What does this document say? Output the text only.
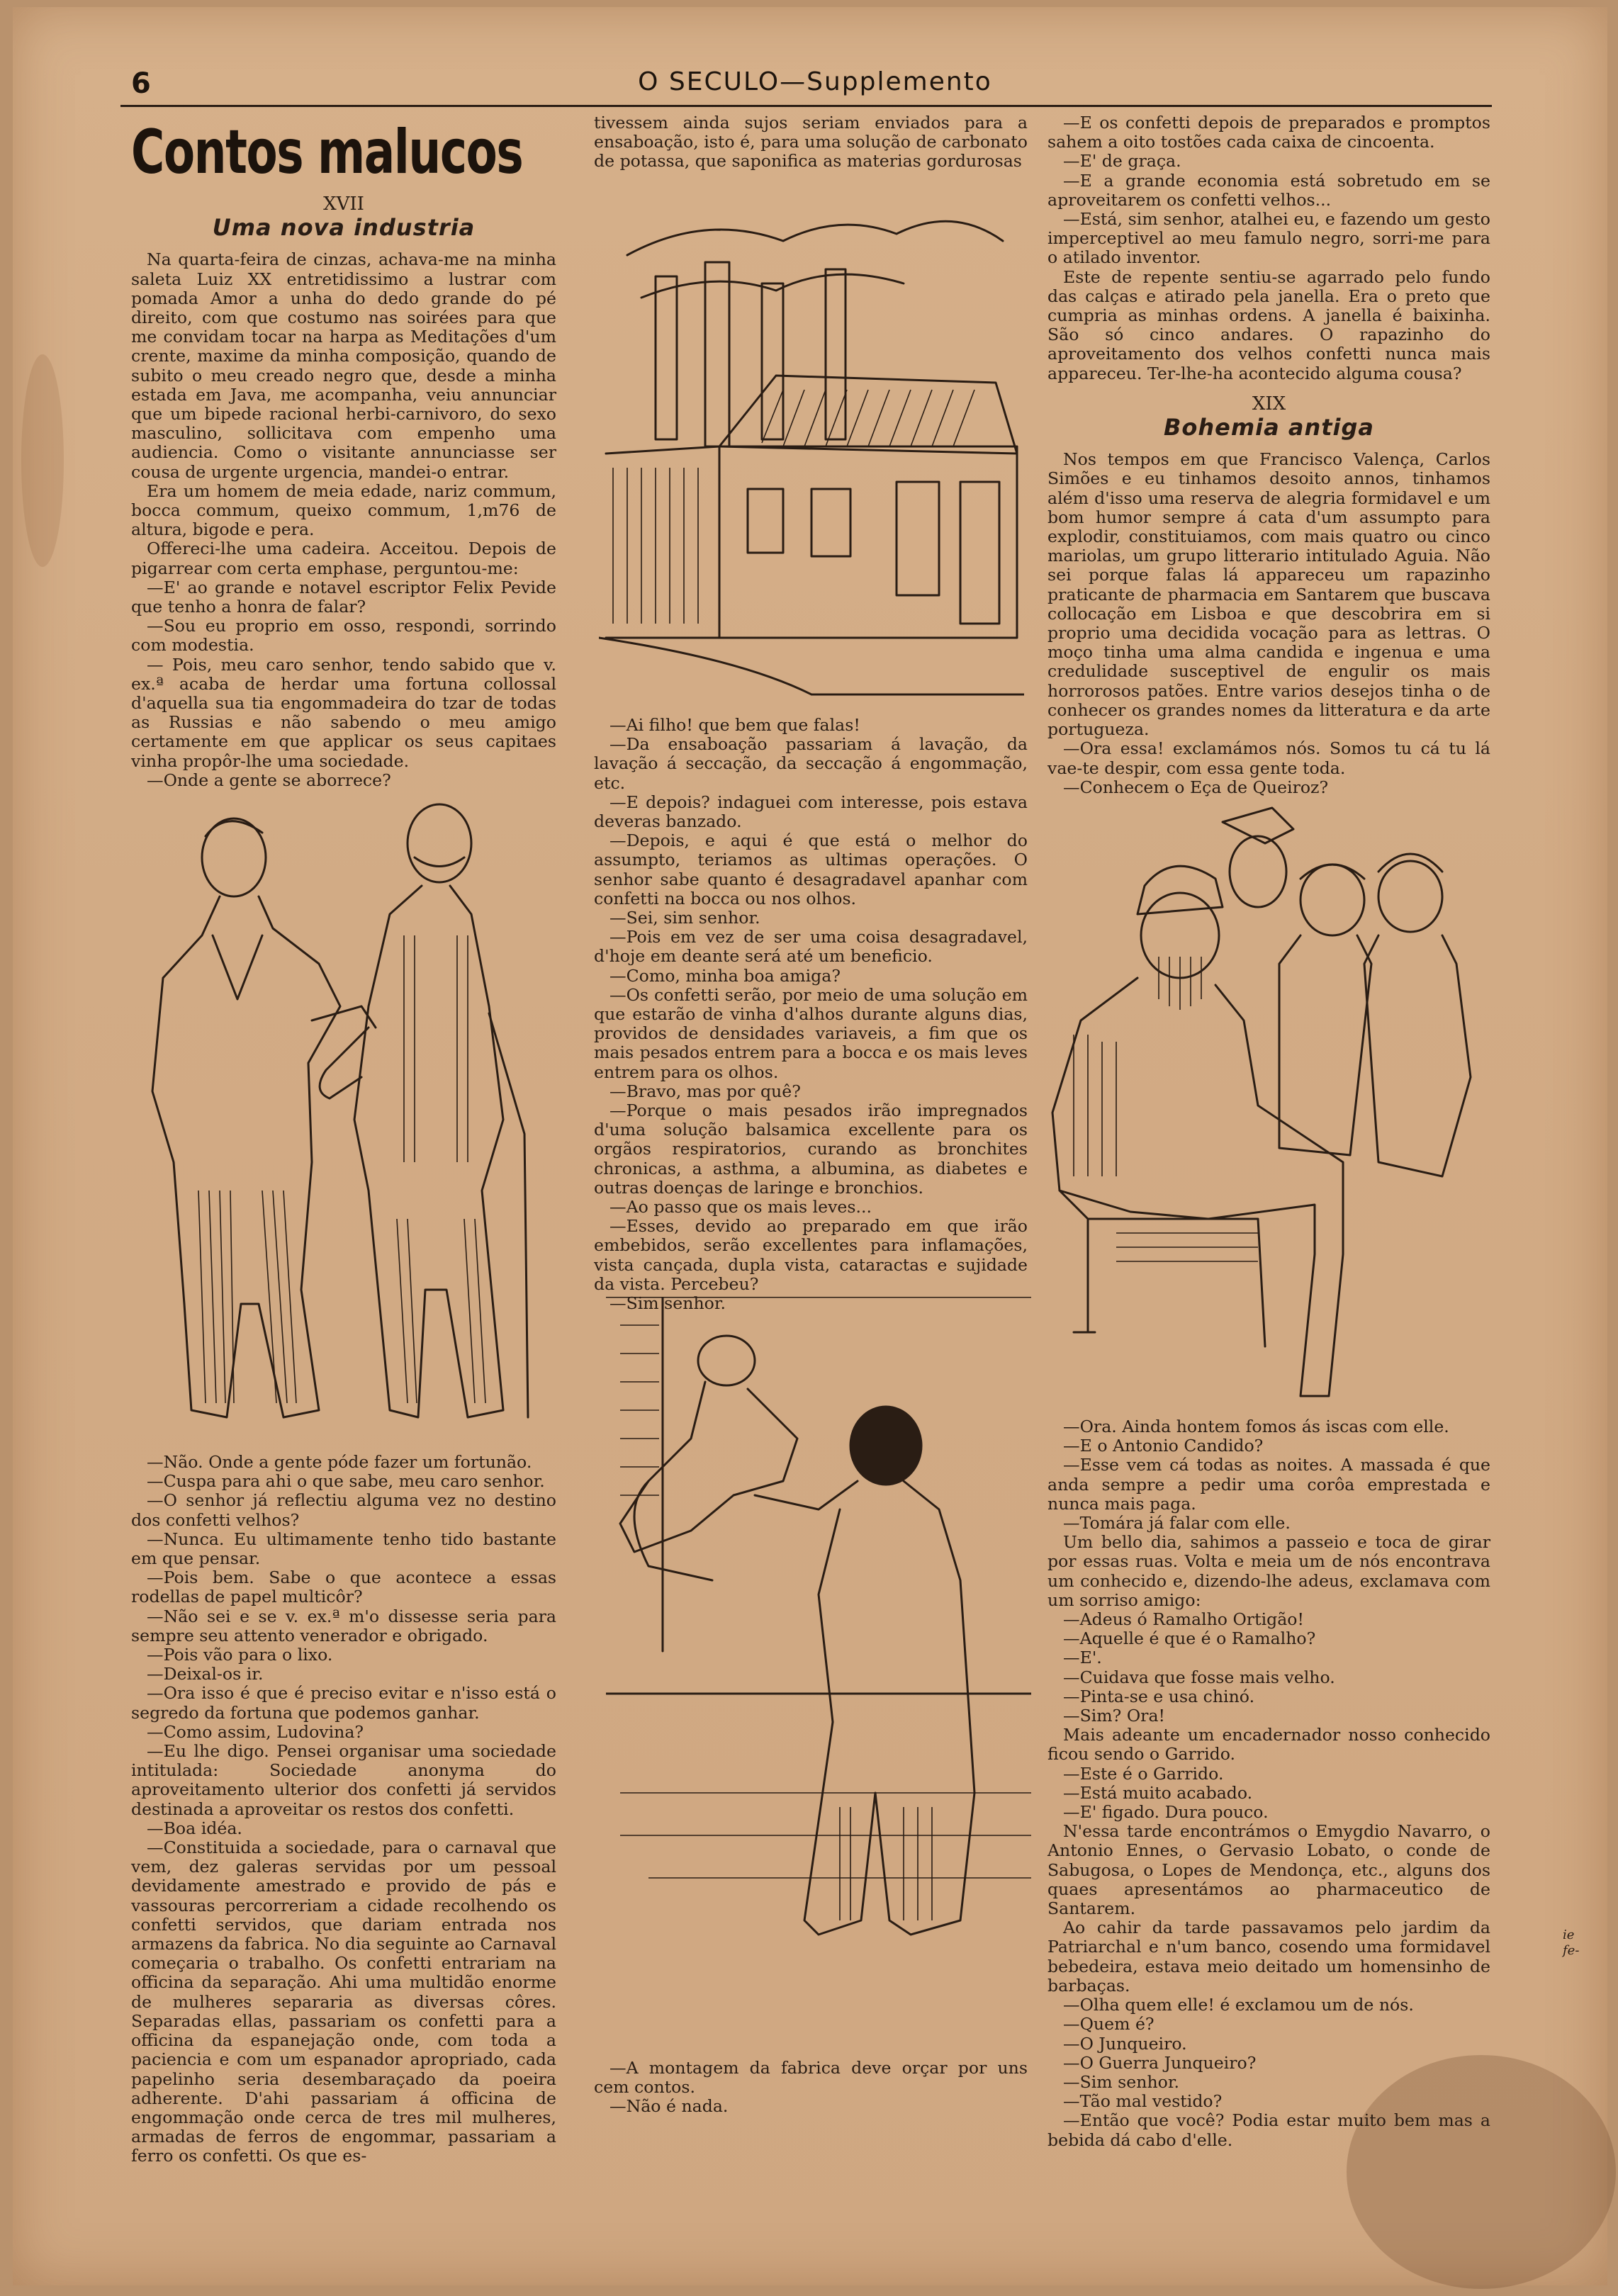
6	O SECULO—Supplemento
Contos malucos
XVII
Uma nova industria

Na quarta-feira de cinzas, achava-me na minha saleta Luiz XX entretidissimo a lustrar com pomada Amor a unha do dedo grande do pé direito, com que costumo nas soirées para que me convidam tocar na harpa as Meditações d'um crente, maxime da minha composição, quando de subito o meu creado negro que, desde a minha estada em Java, me acompanha, veiu annunciar que um bipede racional herbi-carnivoro, do sexo masculino, sollicitava com empenho uma audiencia. Como o visitante annunciasse ser cousa de urgente urgencia, mandei-o entrar.

Era um homem de meia edade, nariz commum, bocca commum, queixo commum, 1,m76 de altura, bigode e pera.

Offereci-lhe uma cadeira. Acceitou. Depois de pigarrear com certa emphase, perguntou-me:

—E' ao grande e notavel escriptor Felix Pevide que tenho a honra de falar?

—Sou eu proprio em osso, respondi, sorrindo com modestia.

— Pois, meu caro senhor, tendo sabido que v. ex.ª acaba de herdar uma fortuna collossal d'aquella sua tia engommadeira do tzar de todas as Russias e não sabendo o meu amigo certamente em que applicar os seus capitaes vinha propôr-lhe uma sociedade.

—Onde a gente se aborrece?

—Não. Onde a gente póde fazer um fortunão.

—Cuspa para ahi o que sabe, meu caro senhor.

—O senhor já reflectiu alguma vez no destino dos confetti velhos?

—Nunca. Eu ultimamente tenho tido bastante em que pensar.

—Pois bem. Sabe o que acontece a essas rodellas de papel multicôr?

—Não sei e se v. ex.ª m'o dissesse seria para sempre seu attento venerador e obrigado.

—Pois vão para o lixo.

—Deixal-os ir.

—Ora isso é que é preciso evitar e n'isso está o segredo da fortuna que podemos ganhar.

—Como assim, Ludovina?

—Eu lhe digo. Pensei organisar uma sociedade intitulada: Sociedade anonyma do aproveitamento ulterior dos confetti já servidos destinada a aproveitar os restos dos confetti.

—Boa idéa.

—Constituida a sociedade, para o carnaval que vem, dez galeras servidas por um pessoal devidamente amestrado e provido de pás e vassouras percorreriam a cidade recolhendo os confetti servidos, que dariam entrada nos armazens da fabrica. No dia seguinte ao Carnaval começaria o trabalho. Os confetti entrariam na officina da separação. Ahi uma multidão enorme de mulheres separaria as diversas côres. Separadas ellas, passariam os confetti para a officina da espanejação onde, com toda a paciencia e com um espanador apropriado, cada papelinho seria desembaraçado da poeira adherente. D'ahi passariam á officina de engommação onde cerca de tres mil mulheres, armadas de ferros de engommar, passariam a ferro os confetti. Os que es-

tivessem ainda sujos seriam enviados para a ensaboação, isto é, para uma solução de carbonato de potassa, que saponifica as materias gordurosas

—Ai filho! que bem que falas!

—Da ensaboação passariam á lavação, da lavação á seccação, da seccação á engommação, etc.

—E depois? indaguei com interesse, pois estava deveras banzado.

—Depois, e aqui é que está o melhor do assumpto, teriamos as ultimas operações. O senhor sabe quanto é desagradavel apanhar com confetti na bocca ou nos olhos.

—Sei, sim senhor.

—Pois em vez de ser uma coisa desagradavel, d'hoje em deante será até um beneficio.

—Como, minha boa amiga?

—Os confetti serão, por meio de uma solução em que estarão de vinha d'alhos durante alguns dias, providos de densidades variaveis, a fim que os mais pesados entrem para a bocca e os mais leves entrem para os olhos.

—Bravo, mas por quê?

—Porque o mais pesados irão impregnados d'uma solução balsamica excellente para os orgãos respiratorios, curando as bronchites chronicas, a asthma, a albumina, as diabetes e outras doenças de laringe e bronchios.

—Ao passo que os mais leves...

—Esses, devido ao preparado em que irão embebidos, serão excellentes para inflamações, vista cançada, dupla vista, cataractas e sujidade da vista. Percebeu?

—Sim senhor.

—A montagem da fabrica deve orçar por uns cem contos.

—Não é nada.

—E os confetti depois de preparados e promptos sahem a oito tostões cada caixa de cincoenta.

—E' de graça.

—E a grande economia está sobretudo em se aproveitarem os confetti velhos...

—Está, sim senhor, atalhei eu, e fazendo um gesto imperceptivel ao meu famulo negro, sorri-me para o atilado inventor.

Este de repente sentiu-se agarrado pelo fundo das calças e atirado pela janella. Era o preto que cumpria as minhas ordens. A janella é baixinha. São só cinco andares. O rapazinho do aproveitamento dos velhos confetti nunca mais appareceu. Ter-lhe-ha acontecido alguma cousa?

XIX
Bohemia antiga

Nos tempos em que Francisco Valença, Carlos Simões e eu tinhamos desoito annos, tinhamos além d'isso uma reserva de alegria formidavel e um bom humor sempre á cata d'um assumpto para explodir, constituiamos, com mais quatro ou cinco mariolas, um grupo litterario intitulado Aguia. Não sei porque falas lá appareceu um rapazinho praticante de pharmacia em Santarem que buscava collocação em Lisboa e que descobrira em si proprio uma decidida vocação para as lettras. O moço tinha uma alma candida e ingenua e uma credulidade susceptivel de engulir os mais horrorosos patões. Entre varios desejos tinha o de conhecer os grandes nomes da litteratura e da arte portugueza.

—Ora essa! exclamámos nós. Somos tu cá tu lá vae-te despir, com essa gente toda.

—Conhecem o Eça de Queiroz?

—Ora. Ainda hontem fomos ás iscas com elle.

—E o Antonio Candido?

—Esse vem cá todas as noites. A massada é que anda sempre a pedir uma corôa emprestada e nunca mais paga.

—Tomára já falar com elle.

Um bello dia, sahimos a passeio e toca de girar por essas ruas. Volta e meia um de nós encontrava um conhecido e, dizendo-lhe adeus, exclamava com um sorriso amigo:

—Adeus ó Ramalho Ortigão!

—Aquelle é que é o Ramalho?

—E'.

—Cuidava que fosse mais velho.

—Pinta-se e usa chinó.

—Sim? Ora!

Mais adeante um encadernador nosso conhecido ficou sendo o Garrido.

—Este é o Garrido.

—Está muito acabado.

—E' figado. Dura pouco.

N'essa tarde encontrámos o Emygdio Navarro, o Antonio Ennes, o Gervasio Lobato, o conde de Sabugosa, o Lopes de Mendonça, etc., alguns dos quaes apresentámos ao pharmaceutico de Santarem.

Ao cahir da tarde passavamos pelo jardim da Patriarchal e n'um banco, cosendo uma formidavel bebedeira, estava meio deitado um homensinho de barbaças.

—Olha quem elle! é exclamou um de nós.

—Quem é?

—O Junqueiro.

—O Guerra Junqueiro?

—Sim senhor.

—Tão mal vestido?

—Então que você? Podia estar muito bem mas a bebida dá cabo d'elle.

ie fe-
